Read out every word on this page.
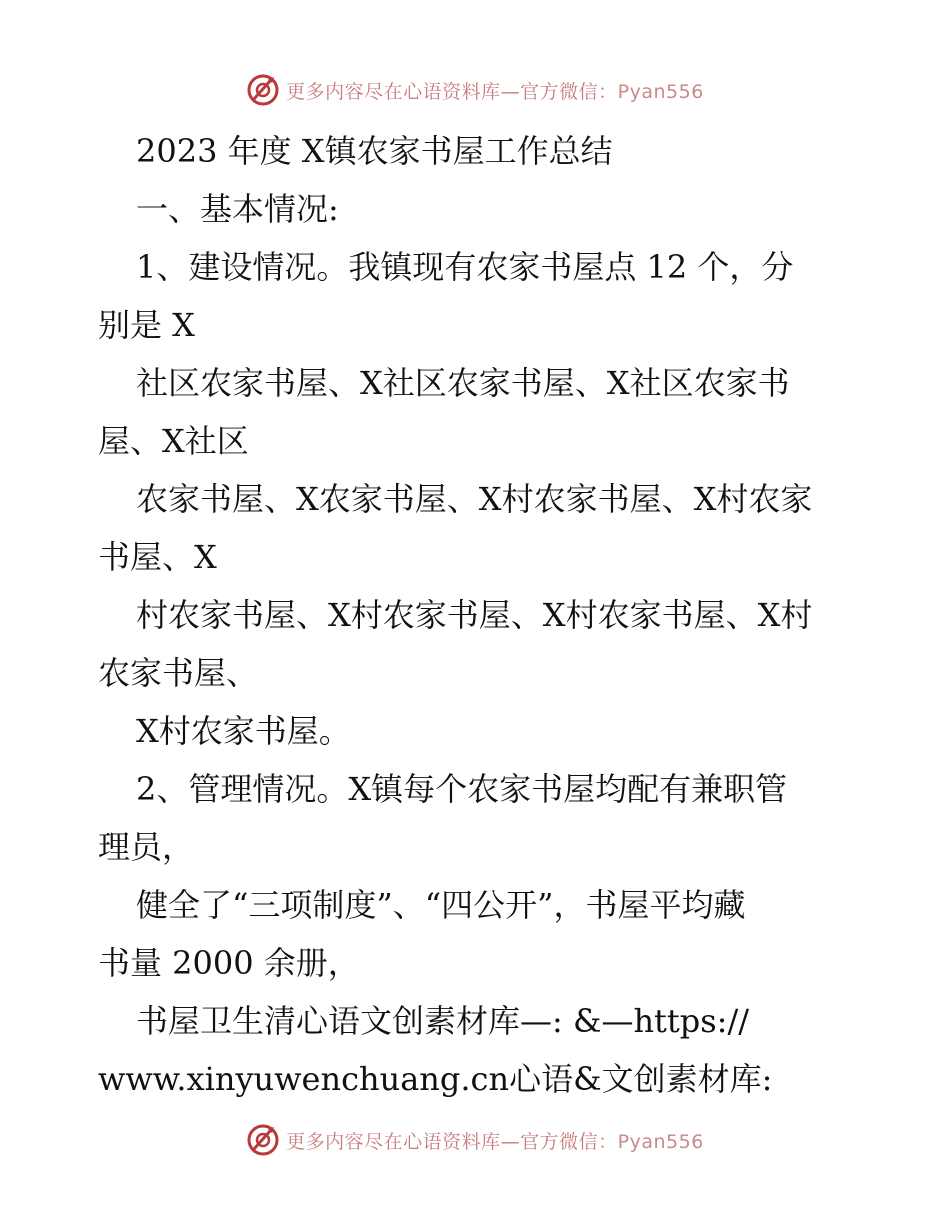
更多内容尽在心语资料库—官方微信：Pyan556
2023 年度 X镇农家书屋工作总结
一、基本情况:
1、建设情况。我镇现有农家书屋点 12 个，分
别是 X
社区农家书屋、X社区农家书屋、X社区农家书
屋、X社区
农家书屋、X农家书屋、X村农家书屋、X村农家
书屋、X
村农家书屋、X村农家书屋、X村农家书屋、X村
农家书屋、
X村农家书屋。
2、管理情况。X镇每个农家书屋均配有兼职管
理员，
健全了“三项制度”、“四公开”，书屋平均藏
书量 2000 余册，
书屋卫生清心语文创素材库—: &—https://
www.xinyuwenchuang.cn心语&文创素材库:
更多内容尽在心语资料库—官方微信：Pyan556
